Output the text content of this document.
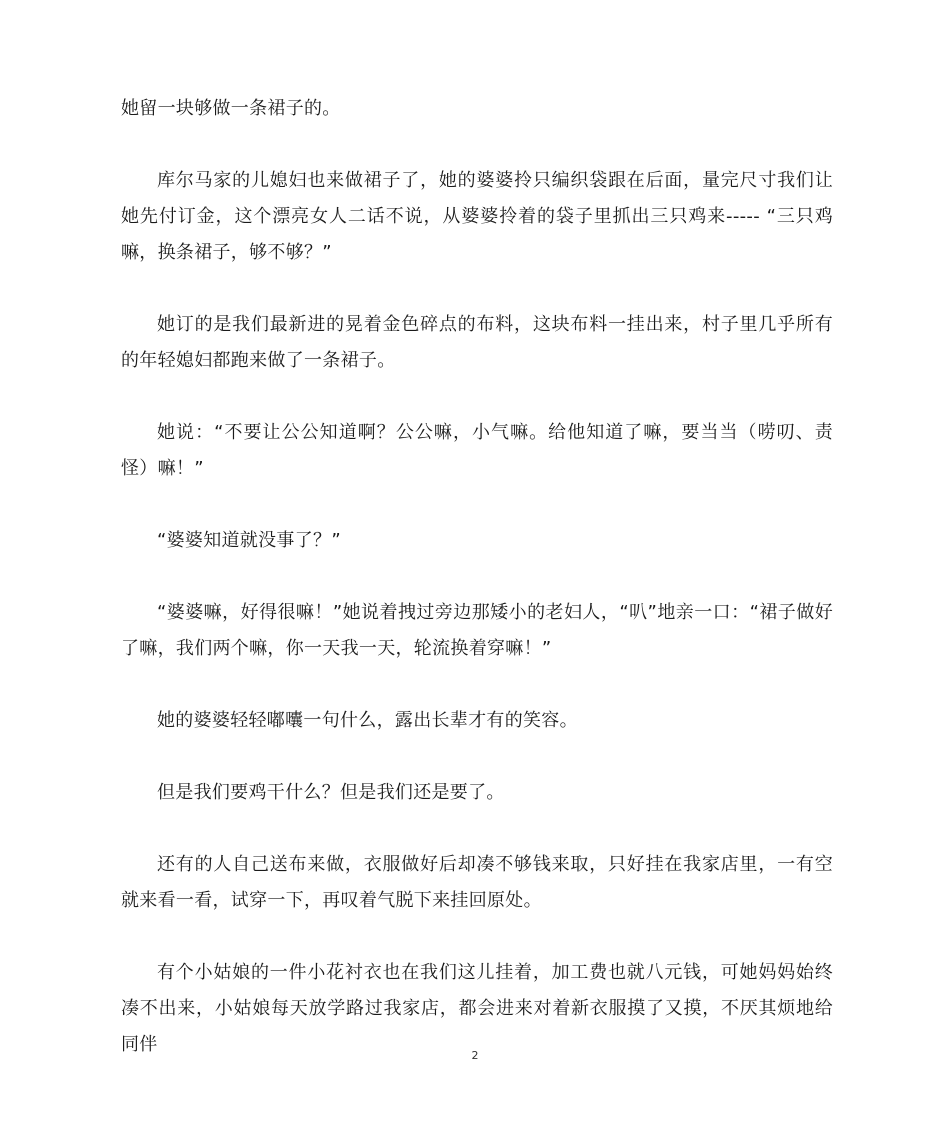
她留一块够做一条裙子的。

库尔马家的儿媳妇也来做裙子了，她的婆婆拎只编织袋跟在后面，量完尺寸我们让她先付订金，这个漂亮女人二话不说，从婆婆拎着的袋子里抓出三只鸡来----- “三只鸡嘛，换条裙子，够不够？”

她订的是我们最新进的晃着金色碎点的布料，这块布料一挂出来，村子里几乎所有的年轻媳妇都跑来做了一条裙子。

她说：“不要让公公知道啊？公公嘛，小气嘛。给他知道了嘛，要当当（唠叨、责怪）嘛！”

“婆婆知道就没事了？”

“婆婆嘛，好得很嘛！”她说着拽过旁边那矮小的老妇人，“叭”地亲一口：“裙子做好了嘛，我们两个嘛，你一天我一天，轮流换着穿嘛！”

她的婆婆轻轻嘟囔一句什么，露出长辈才有的笑容。

但是我们要鸡干什么？但是我们还是要了。

还有的人自己送布来做，衣服做好后却凑不够钱来取，只好挂在我家店里，一有空就来看一看，试穿一下，再叹着气脱下来挂回原处。

有个小姑娘的一件小花衬衣也在我们这儿挂着，加工费也就八元钱，可她妈妈始终凑不出来，小姑娘每天放学路过我家店，都会进来对着新衣服摸了又摸，不厌其烦地给同伴

2
